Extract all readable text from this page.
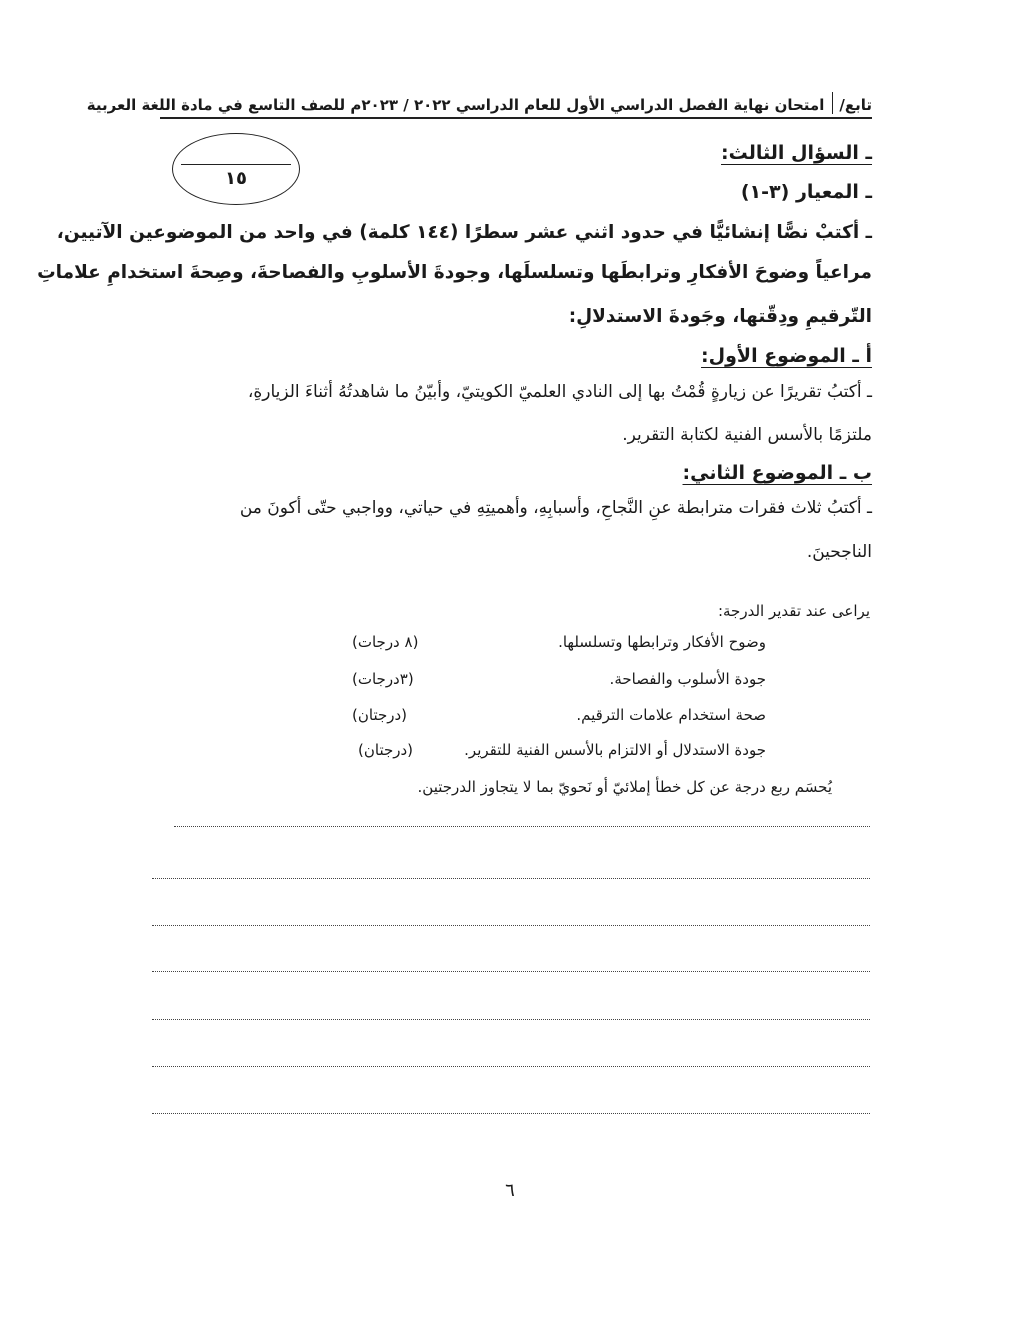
تابع/
امتحان نهاية الفصل الدراسي الأول للعام الدراسي ٢٠٢٢ / ٢٠٢٣م للصف التاسع في مادة اللغة العربية
١٥
ـ السؤال الثالث:
ـ المعيار (٣-١)
ـ أكتبْ نصًّا إنشائيًّا في حدود اثني عشر سطرًا (١٤٤ كلمة) في واحد من الموضوعين الآتيين،
مراعياً وضوحَ الأفكارِ وترابطَها وتسلسلَها، وجودةَ الأسلوبِ والفصاحةَ، وصِحةَ استخدامِ علاماتِ
التّرقيمِ ودِقّتها، وجَودةَ الاستدلالِ:
أ ـ الموضوع الأول:
ـ أكتبُ تقريرًا عن زيارةٍ قُمْتُ بها إلى النادي العلميّ الكويتيّ، وأبيّنُ ما شاهدتُهُ أثناءَ الزيارةِ،
ملتزمًا بالأسس الفنية لكتابة التقرير.
ب ـ الموضوع الثاني:
ـ أكتبُ ثلاث فقرات مترابطة عنِ النَّجاحِ، وأسبابِهِ، وأهميتِهِ في حياتي، وواجبي حتّى أكونَ من
الناجحينَ.
يراعى عند تقدير الدرجة:
وضوح الأفكار وترابطها وتسلسلها.
(٨ درجات)
جودة الأسلوب والفصاحة.
(٣درجات)
صحة استخدام علامات الترقيم.
(درجتان)
جودة الاستدلال أو الالتزام بالأسس الفنية للتقرير.
(درجتان)
يُحسَم ربع درجة عن كل خطأ إملائيّ أو نَحويّ بما لا يتجاوز الدرجتين.
٦
